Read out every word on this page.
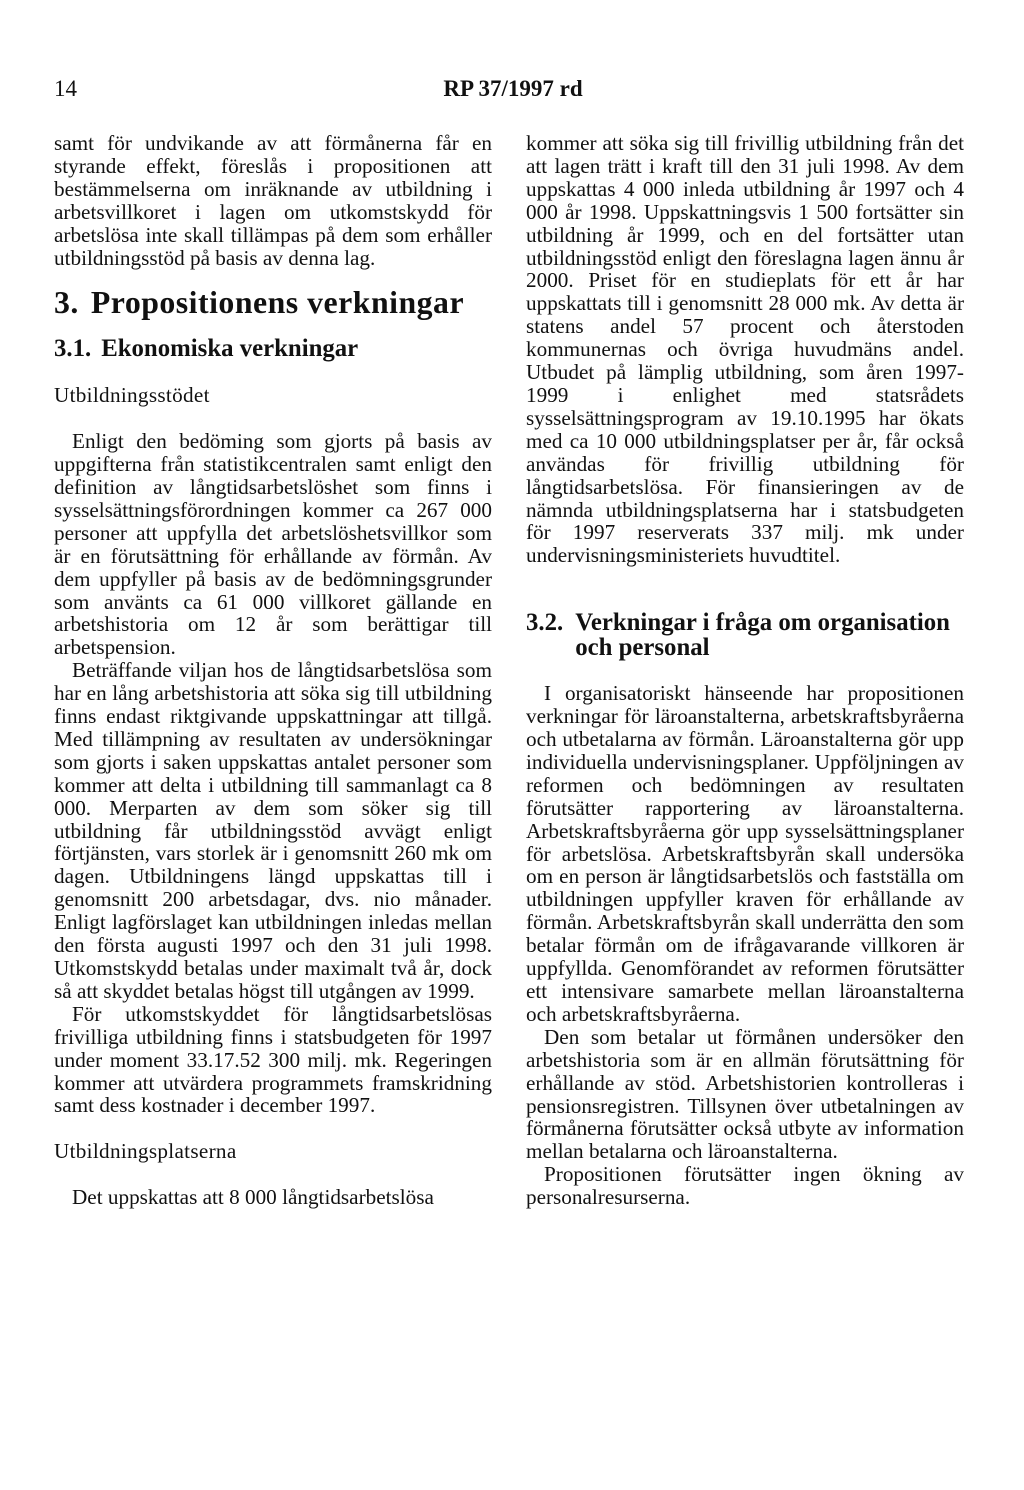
14	RP 37/1997 rd

samt för undvikande av att förmånerna får en styrande effekt, föreslås i propositionen att bestämmelserna om inräknande av utbildning i arbetsvillkoret i lagen om utkomstskydd för arbetslösa inte skall tillämpas på dem som erhåller utbildningsstöd på basis av denna lag.

3. Propositionens verkningar
3.1. Ekonomiska verkningar

Utbildningsstödet

Enligt den bedöming som gjorts på basis av uppgifterna från statistikcentralen samt enligt den definition av långtidsarbetslöshet som finns i sysselsättningsförordningen kommer ca 267 000 personer att uppfylla det arbetslöshetsvillkor som är en förutsättning för erhållande av förmån. Av dem uppfyller på basis av de bedömningsgrunder som använts ca 61 000 villkoret gällande en arbetshistoria om 12 år som berättigar till arbetspension.

Beträffande viljan hos de långtidsarbetslösa som har en lång arbetshistoria att söka sig till utbildning finns endast riktgivande uppskattningar att tillgå. Med tillämpning av resultaten av undersökningar som gjorts i saken uppskattas antalet personer som kommer att delta i utbildning till sammanlagt ca 8 000. Merparten av dem som söker sig till utbildning får utbildningsstöd avvägt enligt förtjänsten, vars storlek är i genomsnitt 260 mk om dagen. Utbildningens längd uppskattas till i genomsnitt 200 arbetsdagar, dvs. nio månader. Enligt lagförslaget kan utbildningen inledas mellan den första augusti 1997 och den 31 juli 1998. Utkomstskydd betalas under maximalt två år, dock så att skyddet betalas högst till utgången av 1999.

För utkomstskyddet för långtidsarbetslösas frivilliga utbildning finns i statsbudgeten för 1997 under moment 33.17.52 300 milj. mk. Regeringen kommer att utvärdera programmets framskridning samt dess kostnader i december 1997.

Utbildningsplatserna

Det uppskattas att 8 000 långtidsarbetslösa

kommer att söka sig till frivillig utbildning från det att lagen trätt i kraft till den 31 juli 1998. Av dem uppskattas 4 000 inleda utbildning år 1997 och 4 000 år 1998. Uppskattningsvis 1 500 fortsätter sin utbildning år 1999, och en del fortsätter utan utbildningsstöd enligt den föreslagna lagen ännu år 2000. Priset för en studieplats för ett år har uppskattats till i genomsnitt 28 000 mk. Av detta är statens andel 57 procent och återstoden kommunernas och övriga huvudmäns andel. Utbudet på lämplig utbildning, som åren 1997-1999 i enlighet med statsrådets sysselsättningsprogram av 19.10.1995 har ökats med ca 10 000 utbildningsplatser per år, får också användas för frivillig utbildning för långtidsarbetslösa. För finansieringen av de nämnda utbildningsplatserna har i statsbudgeten för 1997 reserverats 337 milj. mk under undervisningsministeriets huvudtitel.

3.2. Verkningar i fråga om organisation och personal

I organisatoriskt hänseende har propositionen verkningar för läroanstalterna, arbetskraftsbyråerna och utbetalarna av förmån. Läroanstalterna gör upp individuella undervisningsplaner. Uppföljningen av reformen och bedömningen av resultaten förutsätter rapportering av läroanstalterna. Arbetskraftsbyråerna gör upp sysselsättningsplaner för arbetslösa. Arbetskraftsbyrån skall undersöka om en person är långtidsarbetslös och fastställa om utbildningen uppfyller kraven för erhållande av förmån. Arbetskraftsbyrån skall underrätta den som betalar förmån om de ifrågavarande villkoren är uppfyllda. Genomförandet av reformen förutsätter ett intensivare samarbete mellan läroanstalterna och arbetskraftsbyråerna.

Den som betalar ut förmånen undersöker den arbetshistoria som är en allmän förutsättning för erhållande av stöd. Arbetshistorien kontrolleras i pensionsregistren. Tillsynen över utbetalningen av förmånerna förutsätter också utbyte av information mellan betalarna och läroanstalterna.

Propositionen förutsätter ingen ökning av personalresurserna.
